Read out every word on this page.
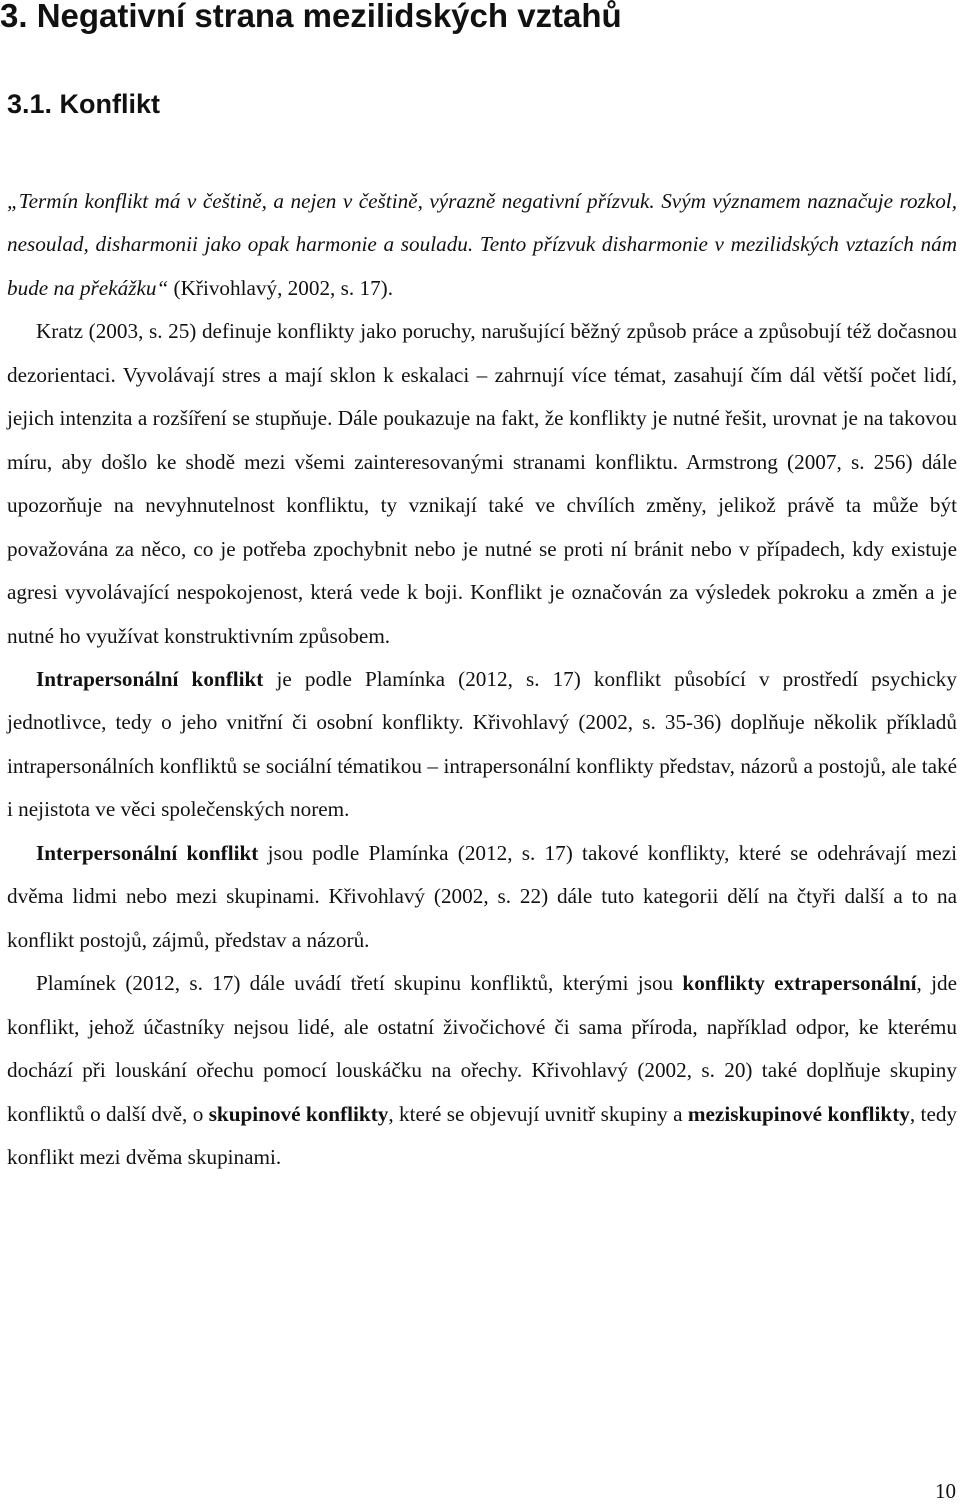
3. Negativní strana mezilidských vztahů
3.1. Konflikt

„Termín konflikt má v češtině, a nejen v češtině, výrazně negativní přízvuk. Svým významem naznačuje rozkol, nesoulad, disharmonii jako opak harmonie a souladu. Tento přízvuk disharmonie v mezilidských vztazích nám bude na překážku“ (Křivohlavý, 2002, s. 17).

Kratz (2003, s. 25) definuje konflikty jako poruchy, narušující běžný způsob práce a způsobují též dočasnou dezorientaci. Vyvolávají stres a mají sklon k eskalaci – zahrnují více témat, zasahují čím dál větší počet lidí, jejich intenzita a rozšíření se stupňuje. Dále poukazuje na fakt, že konflikty je nutné řešit, urovnat je na takovou míru, aby došlo ke shodě mezi všemi zainteresovanými stranami konfliktu. Armstrong (2007, s. 256) dále upozorňuje na nevyhnutelnost konfliktu, ty vznikají také ve chvílích změny, jelikož právě ta může být považována za něco, co je potřeba zpochybnit nebo je nutné se proti ní bránit nebo v případech, kdy existuje agresi vyvolávající nespokojenost, která vede k boji. Konflikt je označován za výsledek pokroku a změn a je nutné ho využívat konstruktivním způsobem.

Intrapersonální konflikt je podle Plamínka (2012, s. 17) konflikt působící v prostředí psychicky jednotlivce, tedy o jeho vnitřní či osobní konflikty. Křivohlavý (2002, s. 35-36) doplňuje několik příkladů intrapersonálních konfliktů se sociální tématikou – intrapersonální konflikty představ, názorů a postojů, ale také i nejistota ve věci společenských norem.

Interpersonální konflikt jsou podle Plamínka (2012, s. 17) takové konflikty, které se odehrávají mezi dvěma lidmi nebo mezi skupinami. Křivohlavý (2002, s. 22) dále tuto kategorii dělí na čtyři další a to na konflikt postojů, zájmů, představ a názorů.

Plamínek (2012, s. 17) dále uvádí třetí skupinu konfliktů, kterými jsou konflikty extrapersonální, jde konflikt, jehož účastníky nejsou lidé, ale ostatní živočichové či sama příroda, například odpor, ke kterému dochází při louskání ořechu pomocí louskáčku na ořechy. Křivohlavý (2002, s. 20) také doplňuje skupiny konfliktů o další dvě, o skupinové konflikty, které se objevují uvnitř skupiny a meziskupinové konflikty, tedy konflikt mezi dvěma skupinami.

10
